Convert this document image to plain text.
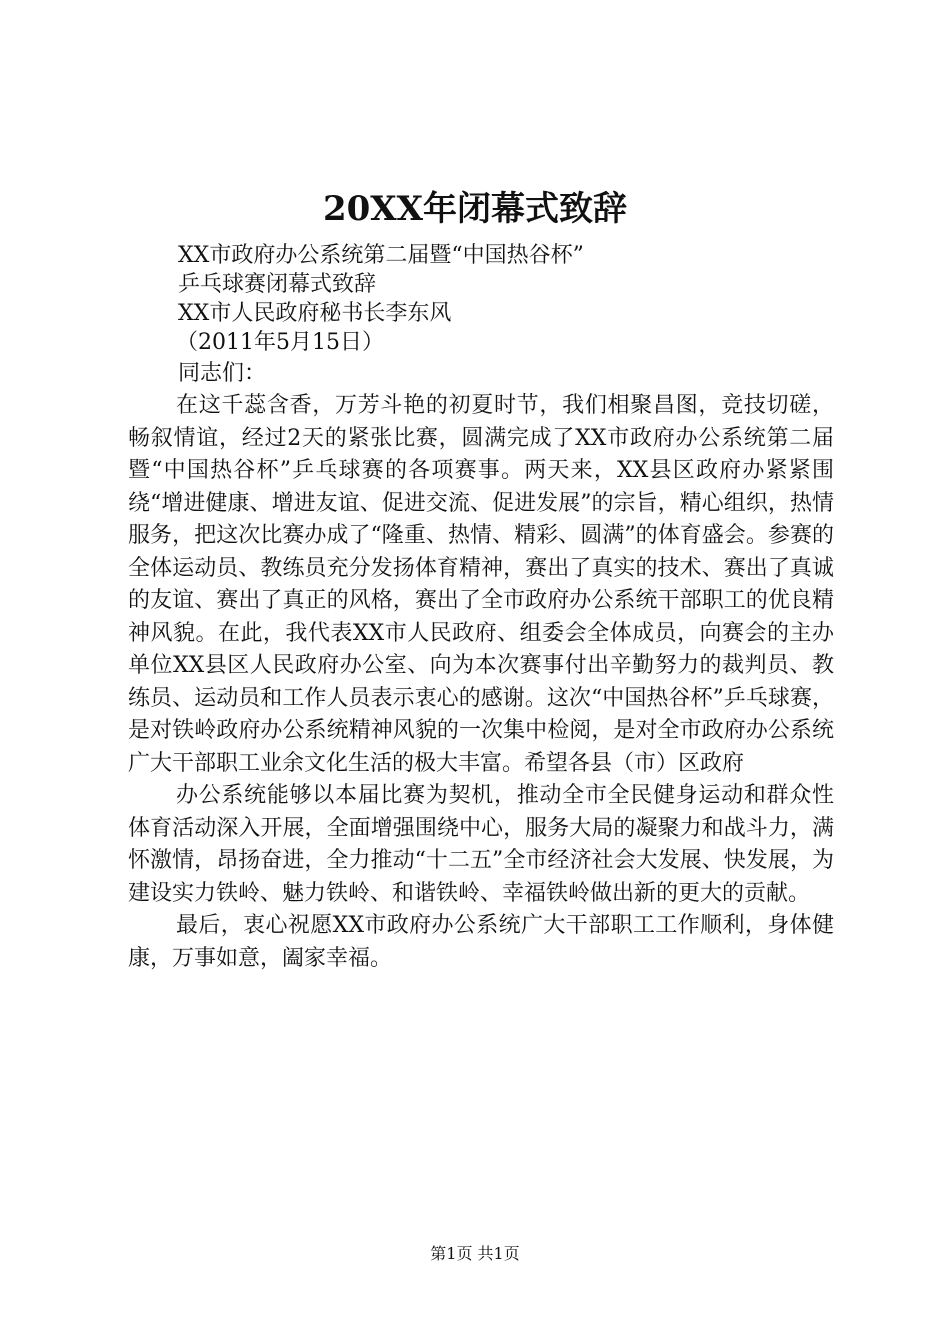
20XX年闭幕式致辞
XX市政府办公系统第二届暨“中国热谷杯”
乒乓球赛闭幕式致辞
XX市人民政府秘书长李东风
（2011年5月15日）
同志们：

在这千蕊含香，万芳斗艳的初夏时节，我们相聚昌图，竞技切磋，畅叙情谊，经过2天的紧张比赛，圆满完成了XX市政府办公系统第二届暨“中国热谷杯”乒乓球赛的各项赛事。两天来，XX县区政府办紧紧围绕“增进健康、增进友谊、促进交流、促进发展”的宗旨，精心组织，热情服务，把这次比赛办成了“隆重、热情、精彩、圆满”的体育盛会。参赛的全体运动员、教练员充分发扬体育精神，赛出了真实的技术、赛出了真诚的友谊、赛出了真正的风格，赛出了全市政府办公系统干部职工的优良精神风貌。在此，我代表XX市人民政府、组委会全体成员，向赛会的主办单位XX县区人民政府办公室、向为本次赛事付出辛勤努力的裁判员、教练员、运动员和工作人员表示衷心的感谢。这次“中国热谷杯”乒乓球赛，是对铁岭政府办公系统精神风貌的一次集中检阅，是对全市政府办公系统广大干部职工业余文化生活的极大丰富。希望各县（市）区政府

办公系统能够以本届比赛为契机，推动全市全民健身运动和群众性体育活动深入开展，全面增强围绕中心，服务大局的凝聚力和战斗力，满怀激情，昂扬奋进，全力推动“十二五”全市经济社会大发展、快发展，为建设实力铁岭、魅力铁岭、和谐铁岭、幸福铁岭做出新的更大的贡献。

最后，衷心祝愿XX市政府办公系统广大干部职工工作顺利，身体健康，万事如意，阖家幸福。

第1页 共1页
